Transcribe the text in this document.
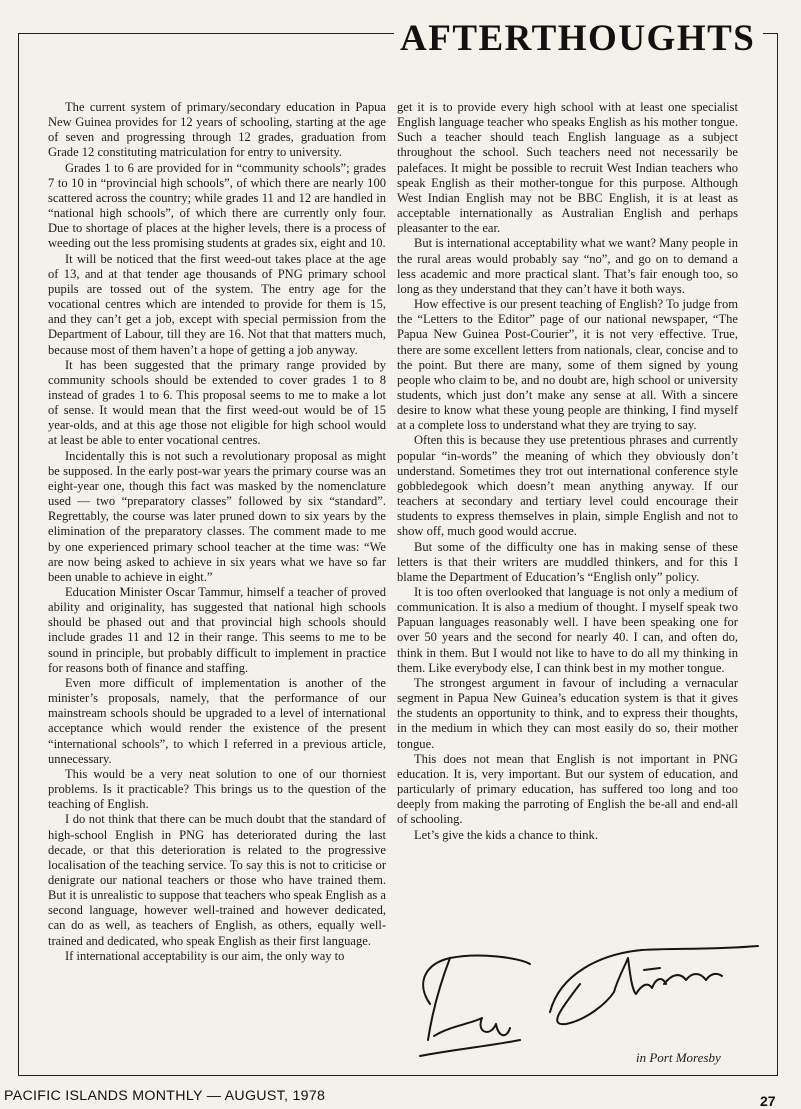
AFTERTHOUGHTS

The current system of primary/secondary education in Papua New Guinea provides for 12 years of schooling, starting at the age of seven and progressing through 12 grades, graduation from Grade 12 constituting matriculation for entry to university.

Grades 1 to 6 are provided for in “community schools”; grades 7 to 10 in “provincial high schools”, of which there are nearly 100 scattered across the country; while grades 11 and 12 are handled in “national high schools”, of which there are currently only four. Due to shortage of places at the higher levels, there is a process of weeding out the less promising students at grades six, eight and 10.

It will be noticed that the first weed-out takes place at the age of 13, and at that tender age thousands of PNG primary school pupils are tossed out of the system. The entry age for the vocational centres which are intended to provide for them is 15, and they can’t get a job, except with special permission from the Department of Labour, till they are 16. Not that that matters much, because most of them haven’t a hope of getting a job anyway.

It has been suggested that the primary range provided by community schools should be extended to cover grades 1 to 8 instead of grades 1 to 6. This proposal seems to me to make a lot of sense. It would mean that the first weed-out would be of 15 year-olds, and at this age those not eligible for high school would at least be able to enter vocational centres.

Incidentally this is not such a revolutionary proposal as might be supposed. In the early post-war years the primary course was an eight-year one, though this fact was masked by the nomenclature used — two “preparatory classes” followed by six “standard”. Regrettably, the course was later pruned down to six years by the elimination of the preparatory classes. The comment made to me by one experienced primary school teacher at the time was: “We are now being asked to achieve in six years what we have so far been unable to achieve in eight.”

Education Minister Oscar Tammur, himself a teacher of proved ability and originality, has suggested that national high schools should be phased out and that provincial high schools should include grades 11 and 12 in their range. This seems to me to be sound in principle, but probably difficult to implement in practice for reasons both of finance and staffing.

Even more difficult of implementation is another of the minister’s proposals, namely, that the performance of our mainstream schools should be upgraded to a level of international acceptance which would render the existence of the present “international schools”, to which I referred in a previous article, unnecessary.

This would be a very neat solution to one of our thorniest problems. Is it practicable? This brings us to the question of the teaching of English.

I do not think that there can be much doubt that the standard of high-school English in PNG has deteriorated during the last decade, or that this deterioration is related to the progressive localisation of the teaching service. To say this is not to criticise or denigrate our national teachers or those who have trained them. But it is unrealistic to suppose that teachers who speak English as a second language, however well-trained and however dedicated, can do as well, as teachers of English, as others, equally well-trained and dedicated, who speak English as their first language.

If international acceptability is our aim, the only way to

get it is to provide every high school with at least one specialist English language teacher who speaks English as his mother tongue. Such a teacher should teach English language as a subject throughout the school. Such teachers need not necessarily be palefaces. It might be possible to recruit West Indian teachers who speak English as their mother-tongue for this purpose. Although West Indian English may not be BBC English, it is at least as acceptable internationally as Australian English and perhaps pleasanter to the ear.

But is international acceptability what we want? Many people in the rural areas would probably say “no”, and go on to demand a less academic and more practical slant. That’s fair enough too, so long as they understand that they can’t have it both ways.

How effective is our present teaching of English? To judge from the “Letters to the Editor” page of our national newspaper, “The Papua New Guinea Post-Courier”, it is not very effective. True, there are some excellent letters from nationals, clear, concise and to the point. But there are many, some of them signed by young people who claim to be, and no doubt are, high school or university students, which just don’t make any sense at all. With a sincere desire to know what these young people are thinking, I find myself at a complete loss to understand what they are trying to say.

Often this is because they use pretentious phrases and currently popular “in-words” the meaning of which they obviously don’t understand. Sometimes they trot out international conference style gobbledegook which doesn’t mean anything anyway. If our teachers at secondary and tertiary level could encourage their students to express themselves in plain, simple English and not to show off, much good would accrue.

But some of the difficulty one has in making sense of these letters is that their writers are muddled thinkers, and for this I blame the Department of Education’s “English only” policy.

It is too often overlooked that language is not only a medium of communication. It is also a medium of thought. I myself speak two Papuan languages reasonably well. I have been speaking one for over 50 years and the second for nearly 40. I can, and often do, think in them. But I would not like to have to do all my thinking in them. Like everybody else, I can think best in my mother tongue.

The strongest argument in favour of including a vernacular segment in Papua New Guinea’s education system is that it gives the students an opportunity to think, and to express their thoughts, in the medium in which they can most easily do so, their mother tongue.

This does not mean that English is not important in PNG education. It is, very important. But our system of education, and particularly of primary education, has suffered too long and too deeply from making the parroting of English the be-all and end-all of schooling.

Let’s give the kids a chance to think.

in Port Moresby
PACIFIC ISLANDS MONTHLY — AUGUST, 1978	27
